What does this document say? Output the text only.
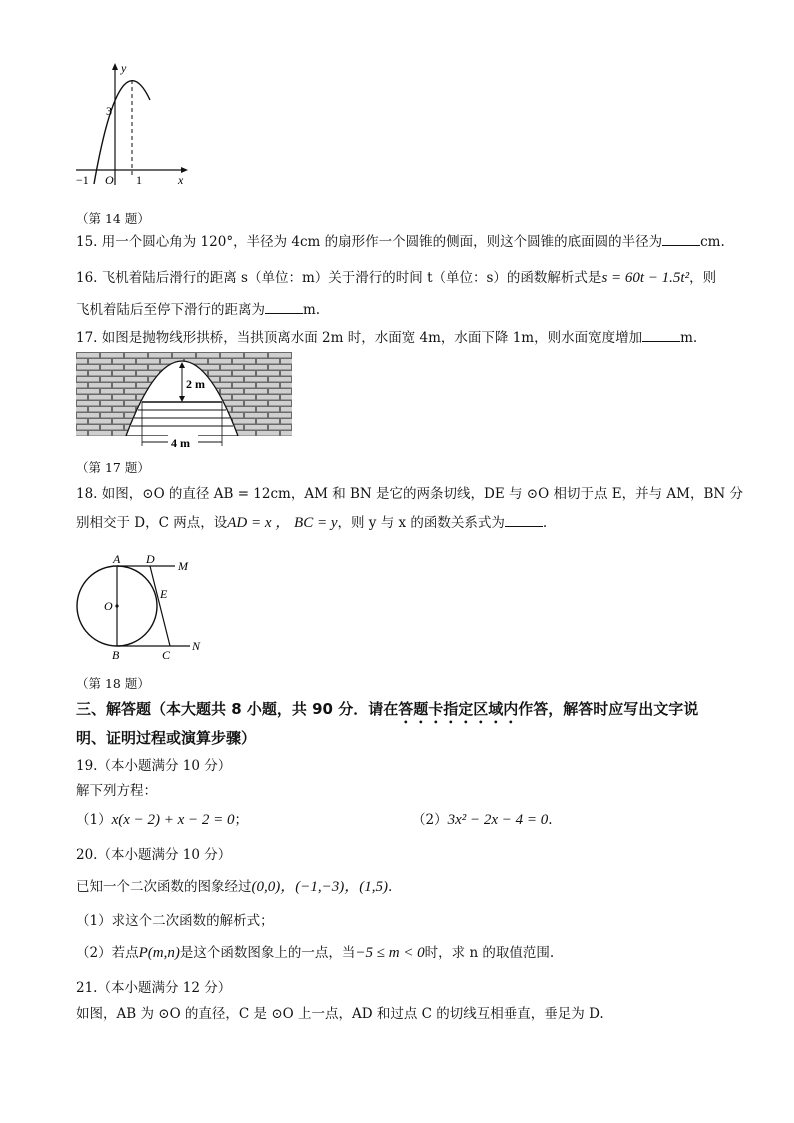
y
x
3
−1 O 1
（第 14 题）
15. 用一个圆心角为 120°，半径为 4cm 的扇形作一个圆锥的侧面，则这个圆锥的底面圆的半径为	cm.
16. 飞机着陆后滑行的距离 s（单位：m）关于滑行的时间 t（单位：s）的函数解析式是s = 60t − 1.5t²，则
飞机着陆后至停下滑行的距离为	m.
17. 如图是抛物线形拱桥，当拱顶离水面 2m 时，水面宽 4m，水面下降 1m，则水面宽度增加	m.
2 m
4 m
（第 17 题）
18. 如图，⊙O 的直径 AB = 12cm，AM 和 BN 是它的两条切线，DE 与 ⊙O 相切于点 E，并与 AM，BN 分
别相交于 D，C 两点，设AD = x ， BC = y，则 y 与 x 的函数关系式为	.
A D M
O
E
B	C
N
（第 18 题）
三、解答题（本大题共 8 小题，共 90 分．请在答题卡指定区域内作答，解答时应写出文字说
明、证明过程或演算步骤）
19.（本小题满分 10 分）
解下列方程：
（1）x(x − 2) + x − 2 = 0；	（2）3x² − 2x − 4 = 0.
20.（本小题满分 10 分）
已知一个二次函数的图象经过(0,0)，(−1,−3)，(1,5).
（1）求这个二次函数的解析式；
（2）若点P(m,n)是这个函数图象上的一点，当−5 ≤ m < 0时，求 n 的取值范围.
21.（本小题满分 12 分）
如图，AB 为 ⊙O 的直径，C 是 ⊙O 上一点，AD 和过点 C 的切线互相垂直，垂足为 D.
